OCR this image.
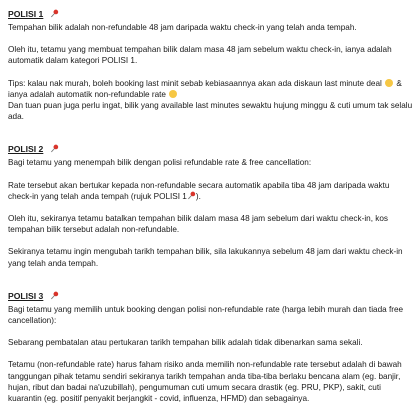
POLISI 1

Tempahan bilik adalah non-refundable 48 jam daripada waktu check-in yang telah anda tempah.

Oleh itu, tetamu yang membuat tempahan bilik dalam masa 48 jam sebelum waktu check-in, ianya adalah automatik dalam kategori POLISI 1.

Tips: kalau nak murah, boleh booking last minit sebab kebiasaannya akan ada diskaun last minute deal & ianya adalah automatik non-refundable rate

Dan tuan puan juga perlu ingat, bilik yang available last minutes sewaktu hujung minggu & cuti umum tak selalu ada.

POLISI 2

Bagi tetamu yang menempah bilik dengan polisi refundable rate & free cancellation:

Rate tersebut akan bertukar kepada non-refundable secara automatik apabila tiba 48 jam daripada waktu check-in yang telah anda tempah (rujuk POLISI 1 ).

Oleh itu, sekiranya tetamu batalkan tempahan bilik dalam masa 48 jam sebelum dari waktu check-in, kos tempahan bilik tersebut adalah non-refundable.

Sekiranya tetamu ingin mengubah tarikh tempahan bilik, sila lakukannya sebelum 48 jam dari waktu check-in yang telah anda tempah.

POLISI 3

Bagi tetamu yang memilih untuk booking dengan polisi non-refundable rate (harga lebih murah dan tiada free cancellation):

Sebarang pembatalan atau pertukaran tarikh tempahan bilik adalah tidak dibenarkan sama sekali.

Tetamu (non-refundable rate) harus faham risiko anda memilih non-refundable rate tersebut adalah di bawah tanggungan pihak tetamu sendiri sekiranya tarikh tempahan anda tiba-tiba berlaku bencana alam (eg. banjir, hujan, ribut dan badai na'uzubillah), pengumuman cuti umum secara drastik (eg. PRU, PKP), sakit, cuti kuarantin (eg. positif penyakit berjangkit - covid, influenza, HFMD) dan sebagainya.
